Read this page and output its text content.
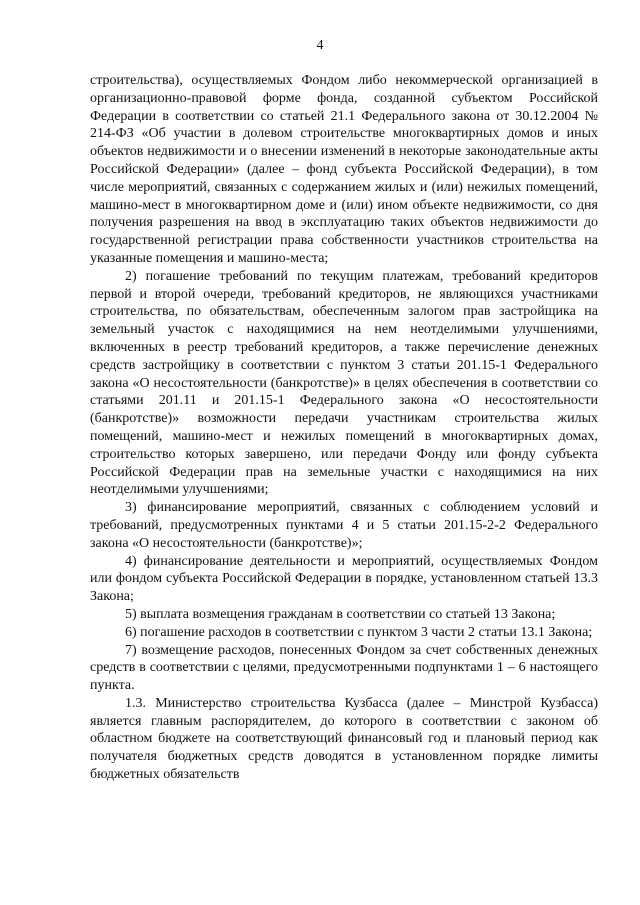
4

строительства), осуществляемых Фондом либо некоммерческой организацией в организационно-правовой форме фонда, созданной субъектом Российской Федерации в соответствии со статьей 21.1 Федерального закона от 30.12.2004 № 214-ФЗ «Об участии в долевом строительстве многоквартирных домов и иных объектов недвижимости и о внесении изменений в некоторые законодательные акты Российской Федерации» (далее – фонд субъекта Российской Федерации), в том числе мероприятий, связанных с содержанием жилых и (или) нежилых помещений, машино-мест в многоквартирном доме и (или) ином объекте недвижимости, со дня получения разрешения на ввод в эксплуатацию таких объектов недвижимости до государственной регистрации права собственности участников строительства на указанные помещения и машино-места;

2) погашение требований по текущим платежам, требований кредиторов первой и второй очереди, требований кредиторов, не являющихся участниками строительства, по обязательствам, обеспеченным залогом прав застройщика на земельный участок с находящимися на нем неотделимыми улучшениями, включенных в реестр требований кредиторов, а также перечисление денежных средств застройщику в соответствии с пунктом 3 статьи 201.15-1 Федерального закона «О несостоятельности (банкротстве)» в целях обеспечения в соответствии со статьями 201.11 и 201.15-1 Федерального закона «О несостоятельности (банкротстве)» возможности передачи участникам строительства жилых помещений, машино-мест и нежилых помещений в многоквартирных домах, строительство которых завершено, или передачи Фонду или фонду субъекта Российской Федерации прав на земельные участки с находящимися на них неотделимыми улучшениями;

3) финансирование мероприятий, связанных с соблюдением условий и требований, предусмотренных пунктами 4 и 5 статьи 201.15-2-2 Федерального закона «О несостоятельности (банкротстве)»;

4) финансирование деятельности и мероприятий, осуществляемых Фондом или фондом субъекта Российской Федерации в порядке, установленном статьей 13.3 Закона;

5) выплата возмещения гражданам в соответствии со статьей 13 Закона;

6) погашение расходов в соответствии с пунктом 3 части 2 статьи 13.1 Закона;

7) возмещение расходов, понесенных Фондом за счет собственных денежных средств в соответствии с целями, предусмотренными подпунктами 1 – 6 настоящего пункта.

1.3. Министерство строительства Кузбасса (далее – Минстрой Кузбасса) является главным распорядителем, до которого в соответствии с законом об областном бюджете на соответствующий финансовый год и плановый период как получателя бюджетных средств доводятся в установленном порядке лимиты бюджетных обязательств
